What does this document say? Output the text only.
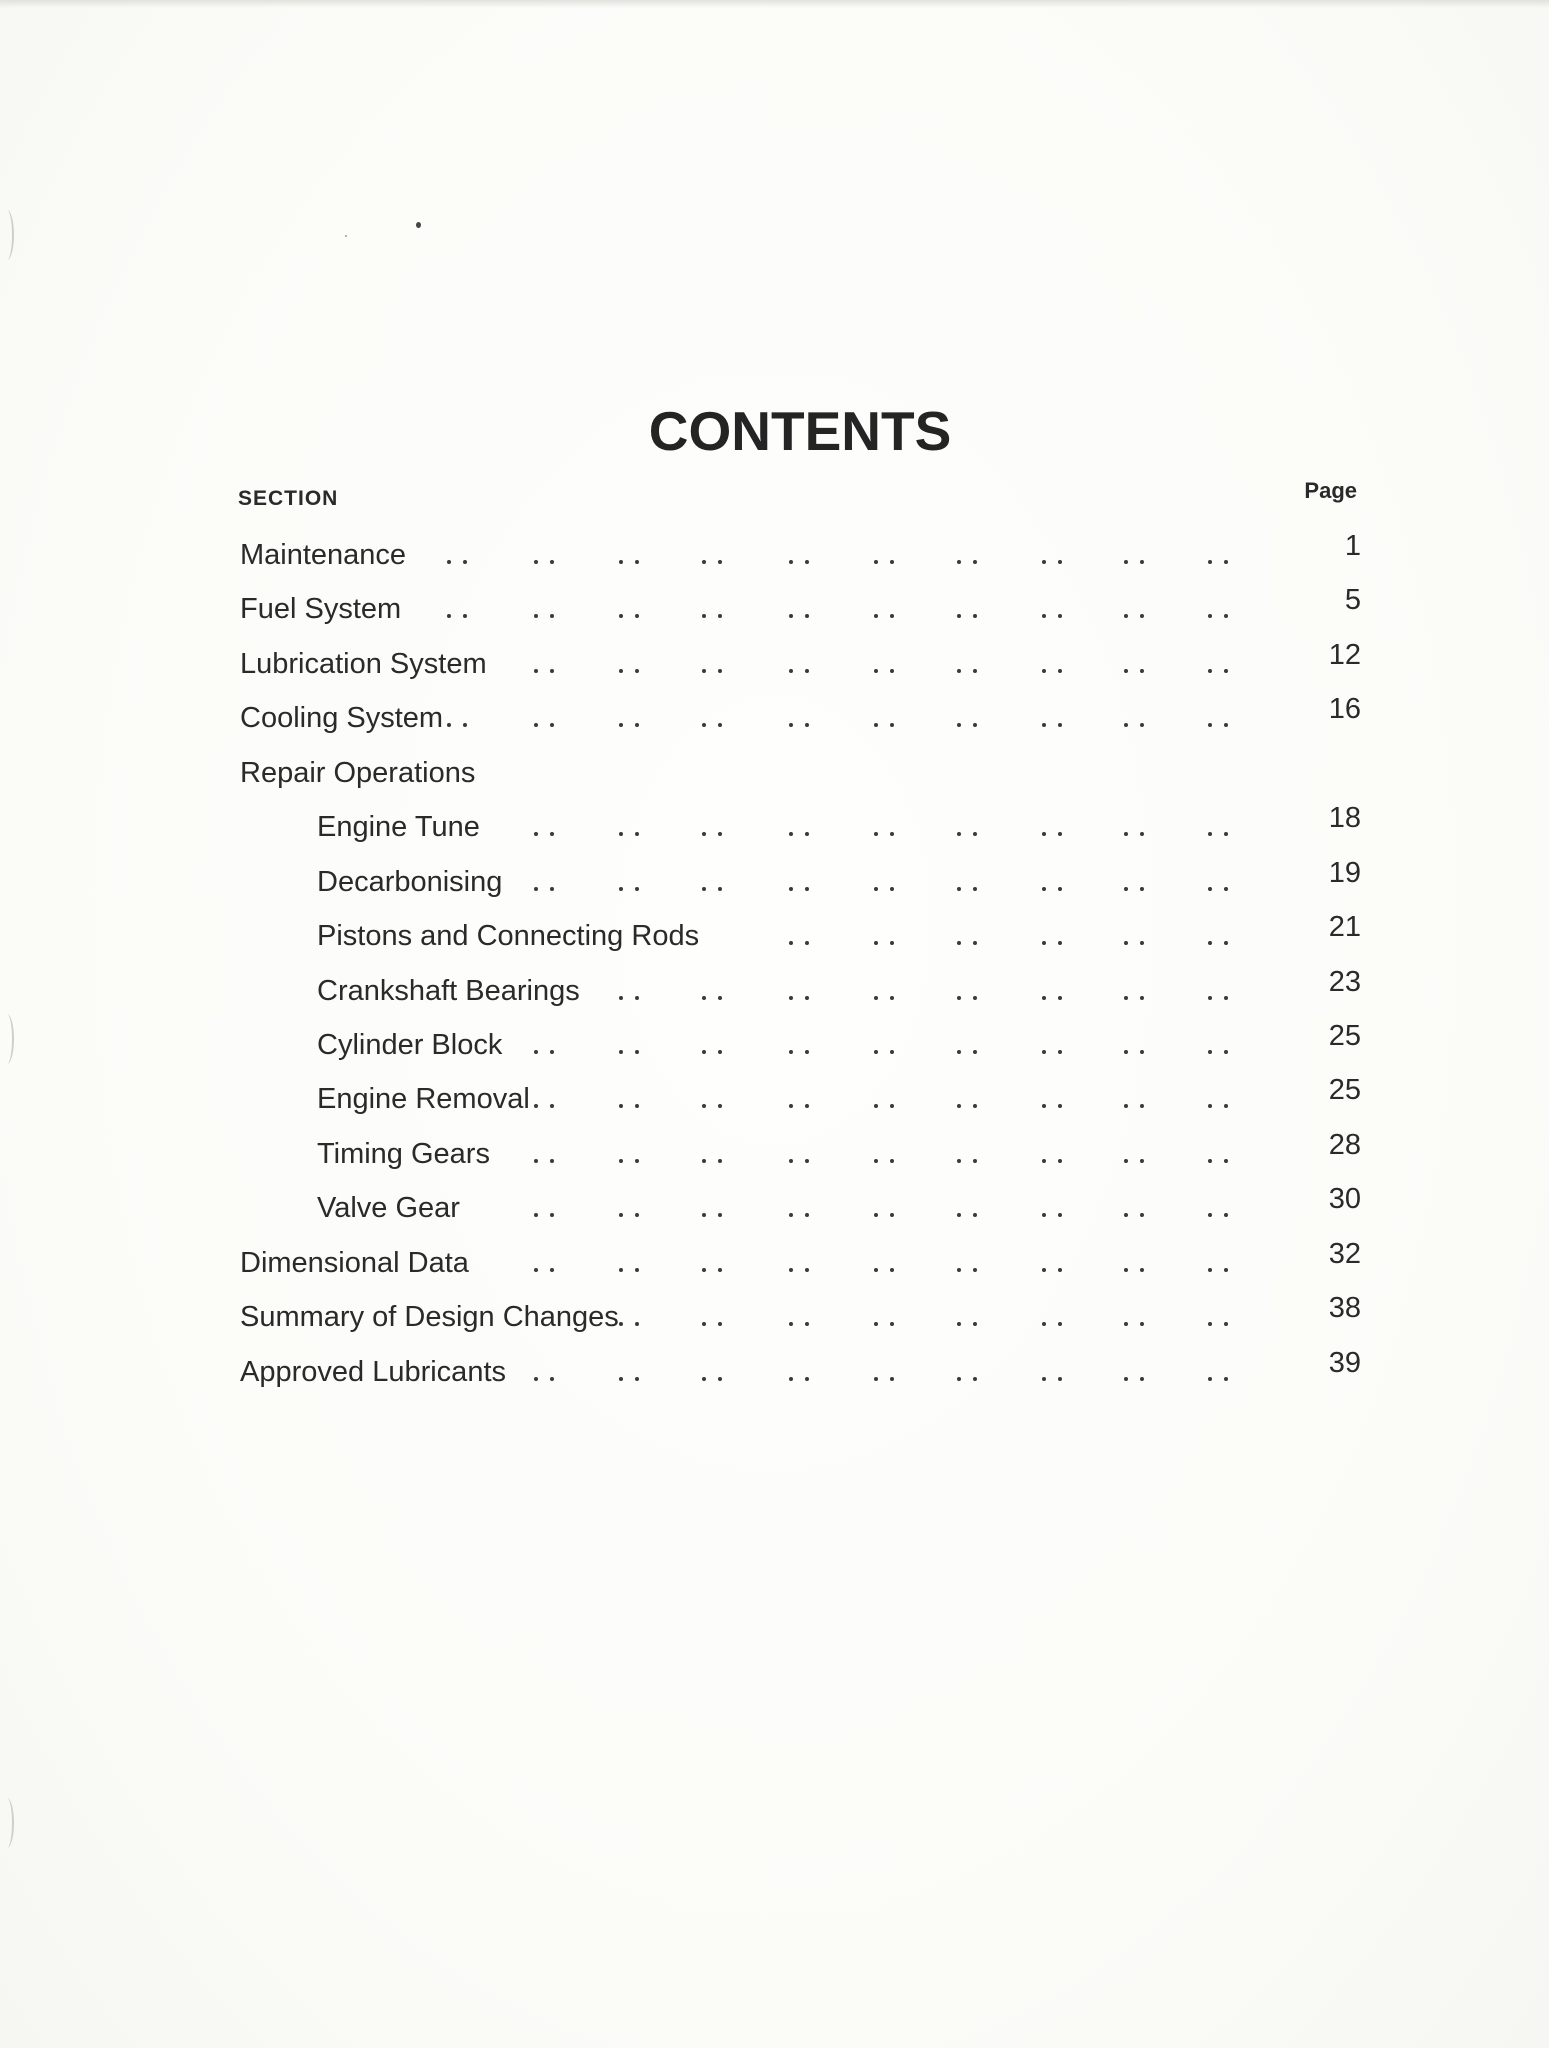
CONTENTS
SECTION	Page
Maintenance	1
Fuel System	5
Lubrication System	12
Cooling System	16
Repair Operations
Engine Tune	18
Decarbonising	19
Pistons and Connecting Rods	21
Crankshaft Bearings	23
Cylinder Block	25
Engine Removal	25
Timing Gears	28
Valve Gear	30
Dimensional Data	32
Summary of Design Changes	38
Approved Lubricants	39
